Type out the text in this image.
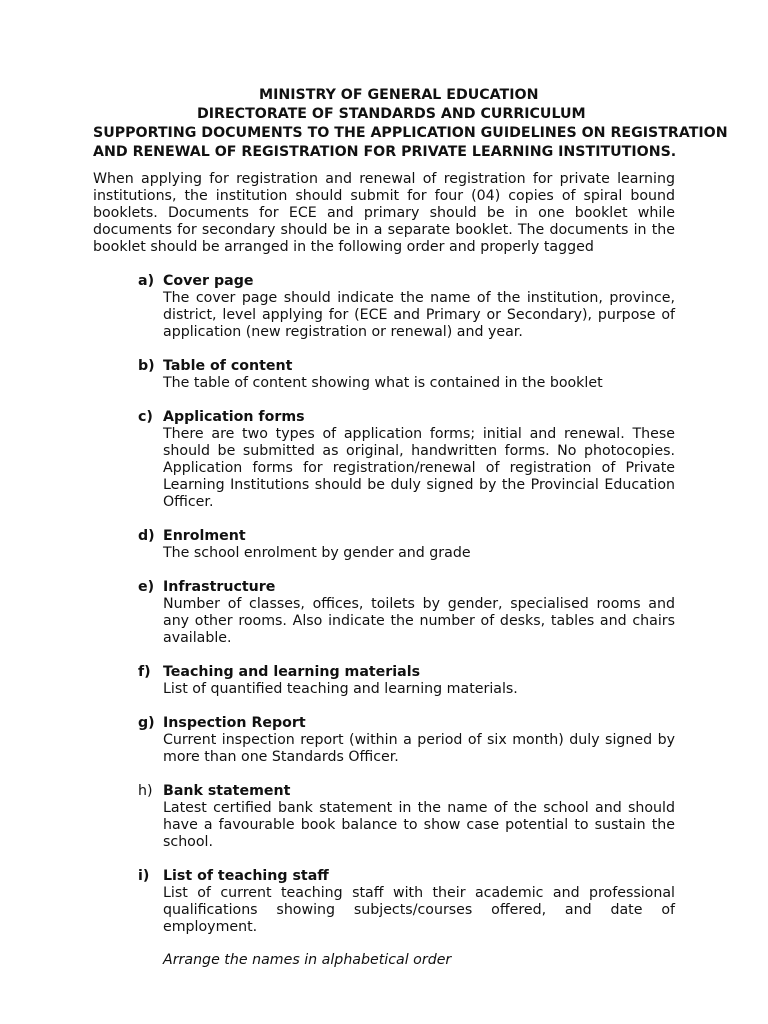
MINISTRY OF GENERAL EDUCATION
DIRECTORATE OF STANDARDS AND CURRICULUM
SUPPORTING DOCUMENTS TO THE APPLICATION GUIDELINES ON REGISTRATION
AND RENEWAL OF REGISTRATION FOR PRIVATE LEARNING INSTITUTIONS.

When applying for registration and renewal of registration for private learning institutions, the institution should submit for four (04) copies of spiral bound booklets. Documents for ECE and primary should be in one booklet while documents for secondary should be in a separate booklet. The documents in the booklet should be arranged in the following order and properly tagged

a) Cover page

The cover page should indicate the name of the institution, province, district, level applying for (ECE and Primary or Secondary), purpose of application (new registration or renewal) and year.

b) Table of content

The table of content showing what is contained in the booklet

c) Application forms

There are two types of application forms; initial and renewal. These should be submitted as original, handwritten forms. No photocopies. Application forms for registration/renewal of registration of Private Learning Institutions should be duly signed by the Provincial Education Officer.

d) Enrolment

The school enrolment by gender and grade

e) Infrastructure

Number of classes, offices, toilets by gender, specialised rooms and any other rooms. Also indicate the number of desks, tables and chairs available.

f) Teaching and learning materials

List of quantified teaching and learning materials.

g) Inspection Report

Current inspection report (within a period of six month) duly signed by more than one Standards Officer.

h) Bank statement

Latest certified bank statement in the name of the school and should have a favourable book balance to show case potential to sustain the school.

i) List of teaching staff

List of current teaching staff with their academic and professional qualifications showing subjects/courses offered, and date of employment.

Arrange the names in alphabetical order
